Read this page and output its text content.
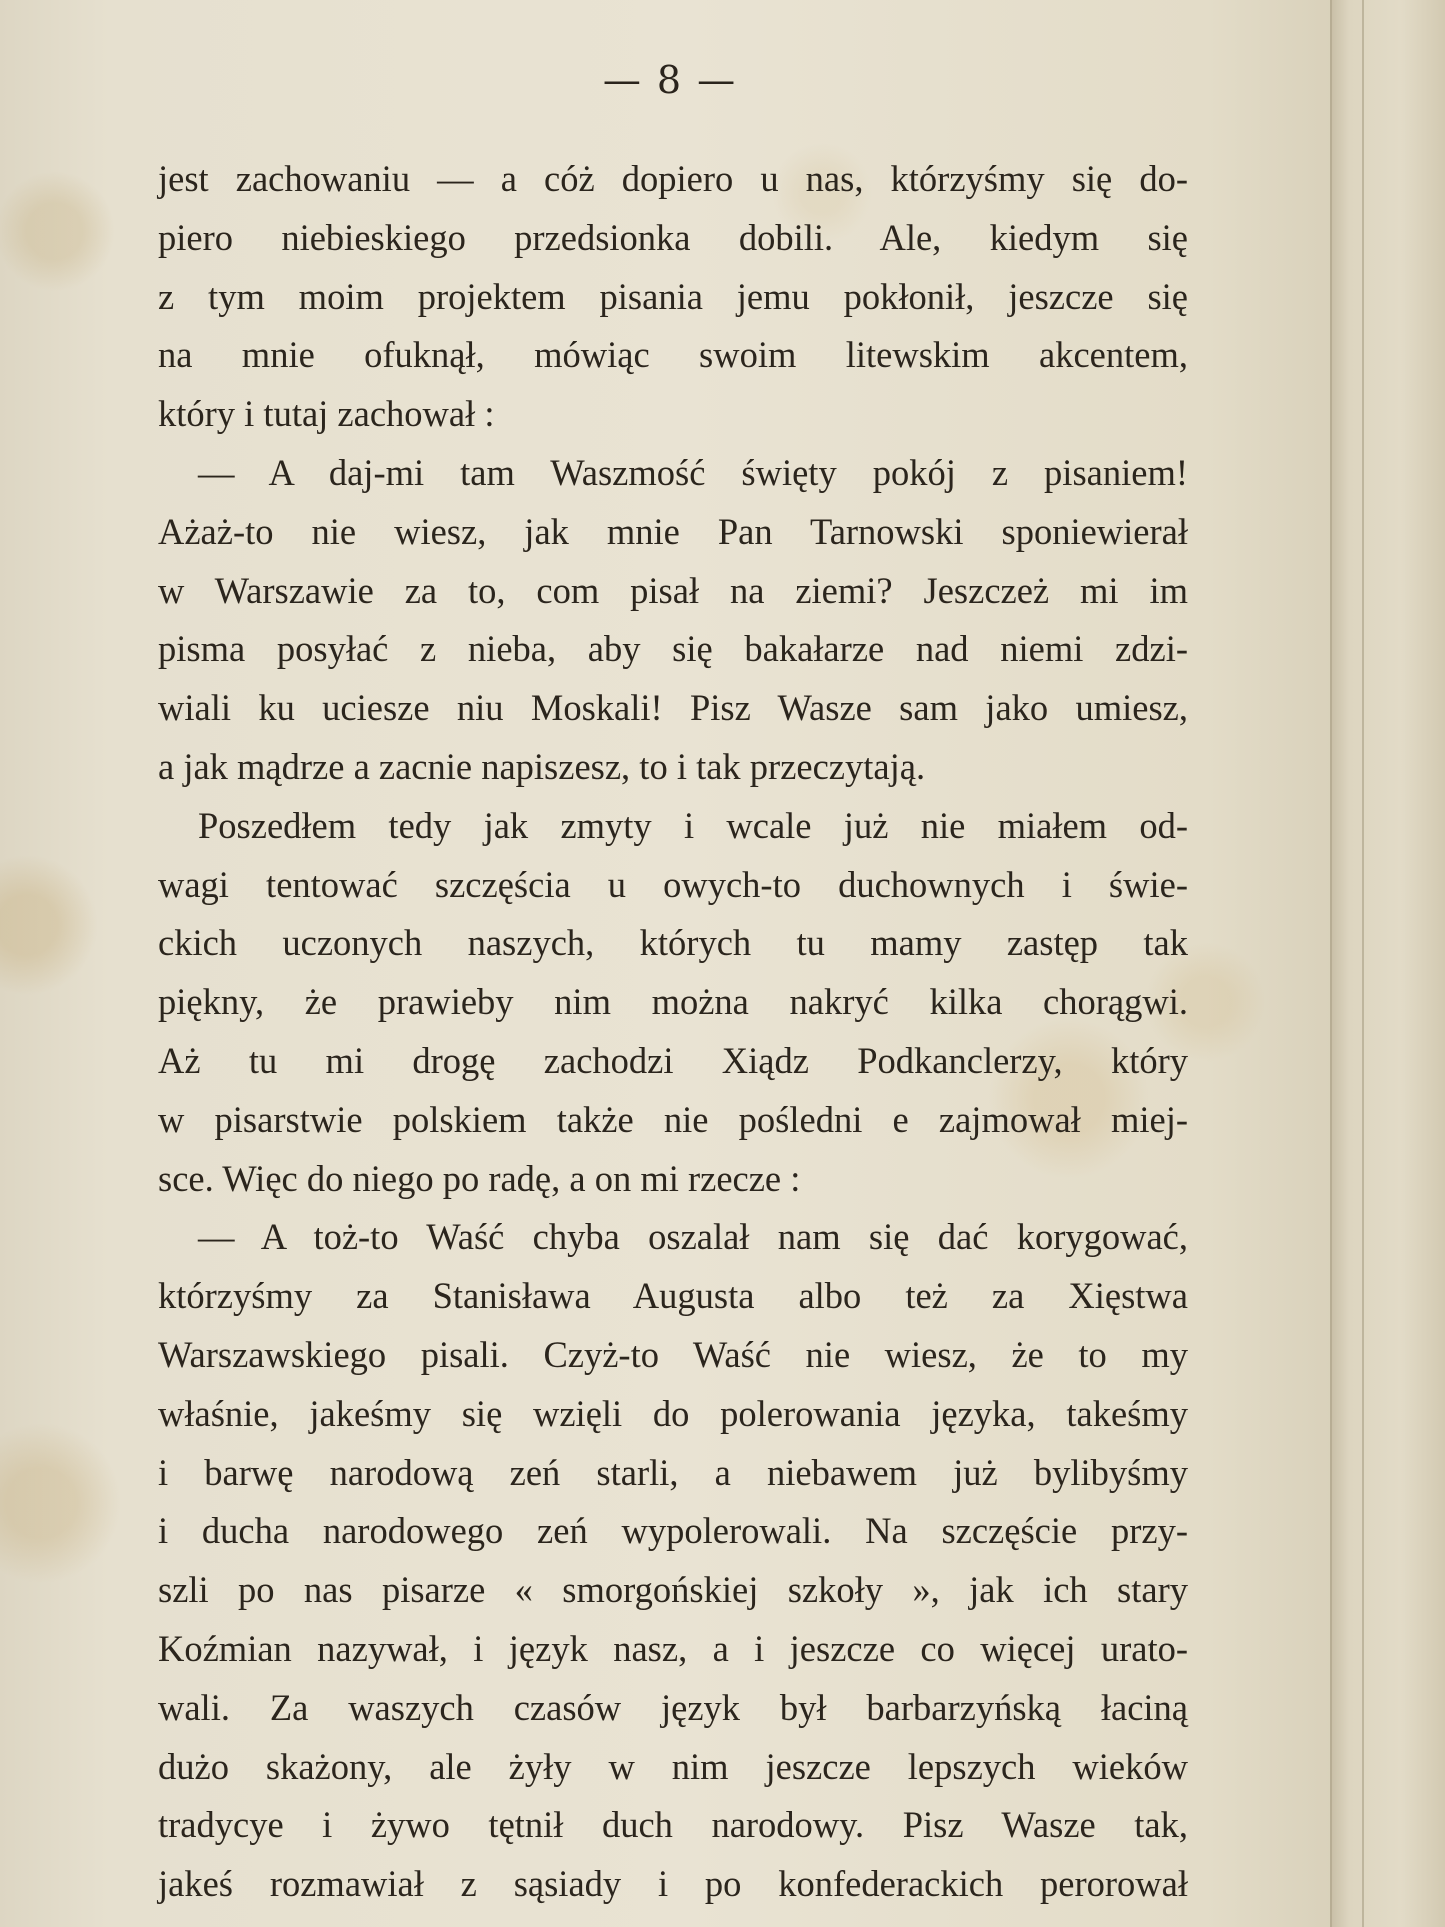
— 8 —
jest zachowaniu — a cóż dopiero u nas, którzyśmy się do-
piero niebieskiego przedsionka dobili. Ale, kiedym się
z tym moim projektem pisania jemu pokłonił, jeszcze się
na mnie ofuknął, mówiąc swoim litewskim akcentem,
który i tutaj zachował :
— A daj-mi tam Waszmość święty pokój z pisaniem!
Ażaż-to nie wiesz, jak mnie Pan Tarnowski sponiewierał
w Warszawie za to, com pisał na ziemi? Jeszczeż mi im
pisma posyłać z nieba, aby się bakałarze nad niemi zdzi-
wiali ku uciesze niu Moskali! Pisz Wasze sam jako umiesz,
a jak mądrze a zacnie napiszesz, to i tak przeczytają.
Poszedłem tedy jak zmyty i wcale już nie miałem od-
wagi tentować szczęścia u owych-to duchownych i świe-
ckich uczonych naszych, których tu mamy zastęp tak
piękny, że prawieby nim można nakryć kilka chorągwi.
Aż tu mi drogę zachodzi Xiądz Podkanclerzy, który
w pisarstwie polskiem także nie pośledni e zajmował miej-
sce. Więc do niego po radę, a on mi rzecze :
— A toż-to Waść chyba oszalał nam się dać korygować,
którzyśmy za Stanisława Augusta albo też za Xięstwa
Warszawskiego pisali. Czyż-to Waść nie wiesz, że to my
właśnie, jakeśmy się wzięli do polerowania języka, takeśmy
i barwę narodową zeń starli, a niebawem już bylibyśmy
i ducha narodowego zeń wypolerowali. Na szczęście przy-
szli po nas pisarze « smorgońskiej szkoły », jak ich stary
Koźmian nazywał, i język nasz, a i jeszcze co więcej urato-
wali. Za waszych czasów język był barbarzyńską łaciną
dużo skażony, ale żyły w nim jeszcze lepszych wieków
tradycye i żywo tętnił duch narodowy. Pisz Wasze tak,
jakeś rozmawiał z sąsiady i po konfederackich perorował
